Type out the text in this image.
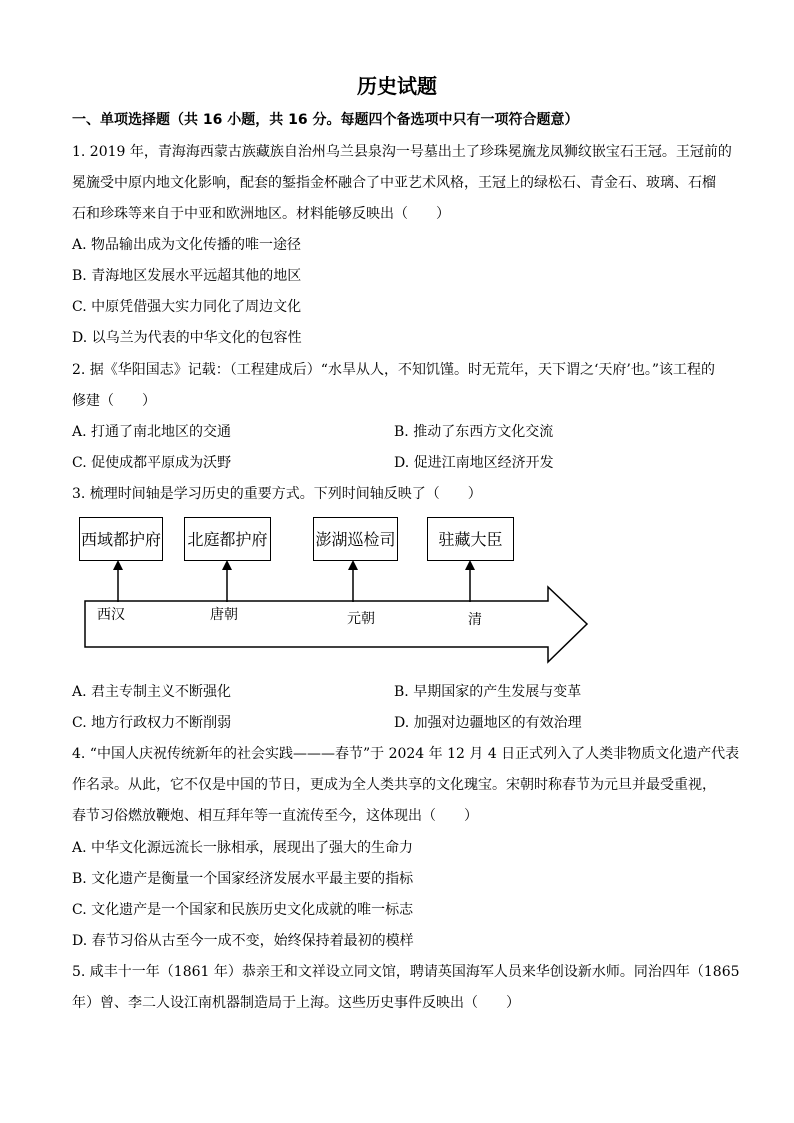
历史试题
一、单项选择题（共 16 小题，共 16 分。每题四个备选项中只有一项符合题意）
1. 2019 年，青海海西蒙古族藏族自治州乌兰县泉沟一号墓出土了珍珠冕旒龙凤狮纹嵌宝石王冠。王冠前的
冕旒受中原内地文化影响，配套的錾指金杯融合了中亚艺术风格，王冠上的绿松石、青金石、玻璃、石榴
石和珍珠等来自于中亚和欧洲地区。材料能够反映出（　　）
A. 物品输出成为文化传播的唯一途径
B. 青海地区发展水平远超其他的地区
C. 中原凭借强大实力同化了周边文化
D. 以乌兰为代表的中华文化的包容性
2. 据《华阳国志》记载：（工程建成后）“水旱从人，不知饥馑。时无荒年，天下谓之‘天府’也。”该工程的
修建（　　）
A. 打通了南北地区的交通	B. 推动了东西方文化交流
C. 促使成都平原成为沃野	D. 促进江南地区经济开发
3. 梳理时间轴是学习历史的重要方式。下列时间轴反映了（　　）
西域都护府 北庭都护府	澎湖巡检司	驻藏大臣
西汉	唐朝	元朝	清
A. 君主专制主义不断强化	B. 早期国家的产生发展与变革
C. 地方行政权力不断削弱	D. 加强对边疆地区的有效治理
4. “中国人庆祝传统新年的社会实践———春节”于 2024 年 12 月 4 日正式列入了人类非物质文化遗产代表
作名录。从此，它不仅是中国的节日，更成为全人类共享的文化瑰宝。宋朝时称春节为元旦并最受重视，
春节习俗燃放鞭炮、相互拜年等一直流传至今，这体现出（　　）
A. 中华文化源远流长一脉相承，展现出了强大的生命力
B. 文化遗产是衡量一个国家经济发展水平最主要的指标
C. 文化遗产是一个国家和民族历史文化成就的唯一标志
D. 春节习俗从古至今一成不变，始终保持着最初的模样
5. 咸丰十一年（1861 年）恭亲王和文祥设立同文馆，聘请英国海军人员来华创设新水师。同治四年（1865
年）曾、李二人设江南机器制造局于上海。这些历史事件反映出（　　）
